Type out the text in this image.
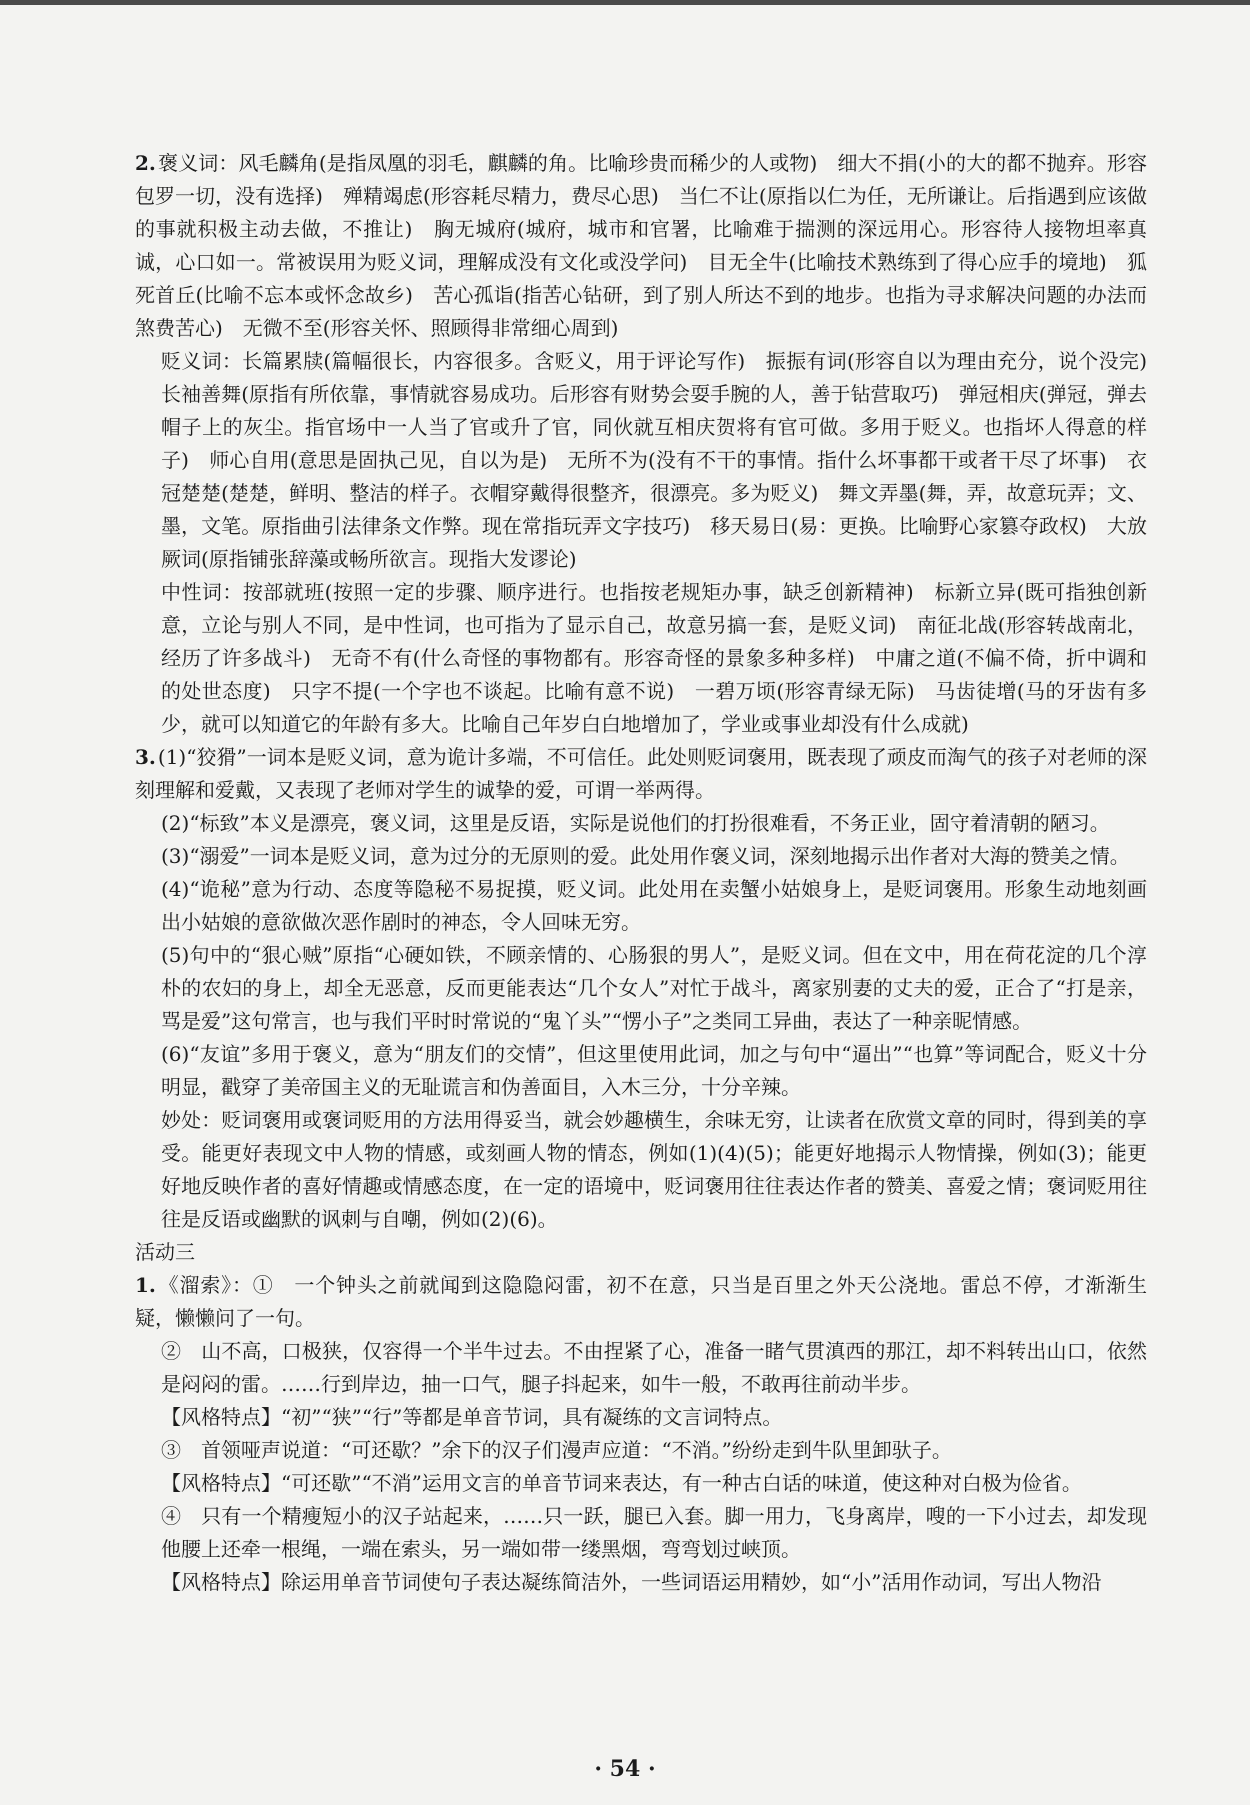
2. 褒义词：风毛麟角(是指凤凰的羽毛，麒麟的角。比喻珍贵而稀少的人或物)　细大不捐(小的大的都不抛弃。形容包罗一切，没有选择)　殚精竭虑(形容耗尽精力，费尽心思)　当仁不让(原指以仁为任，无所谦让。后指遇到应该做的事就积极主动去做，不推让)　胸无城府(城府，城市和官署，比喻难于揣测的深远用心。形容待人接物坦率真诚，心口如一。常被误用为贬义词，理解成没有文化或没学问)　目无全牛(比喻技术熟练到了得心应手的境地)　狐死首丘(比喻不忘本或怀念故乡)　苦心孤诣(指苦心钻研，到了别人所达不到的地步。也指为寻求解决问题的办法而煞费苦心)　无微不至(形容关怀、照顾得非常细心周到)

贬义词：长篇累牍(篇幅很长，内容很多。含贬义，用于评论写作)　振振有词(形容自以为理由充分，说个没完)　长袖善舞(原指有所依靠，事情就容易成功。后形容有财势会耍手腕的人，善于钻营取巧)　弹冠相庆(弹冠，弹去帽子上的灰尘。指官场中一人当了官或升了官，同伙就互相庆贺将有官可做。多用于贬义。也指坏人得意的样子)　师心自用(意思是固执己见，自以为是)　无所不为(没有不干的事情。指什么坏事都干或者干尽了坏事)　衣冠楚楚(楚楚，鲜明、整洁的样子。衣帽穿戴得很整齐，很漂亮。多为贬义)　舞文弄墨(舞，弄，故意玩弄；文、墨，文笔。原指曲引法律条文作弊。现在常指玩弄文字技巧)　移天易日(易：更换。比喻野心家篡夺政权)　大放厥词(原指铺张辞藻或畅所欲言。现指大发谬论)

中性词：按部就班(按照一定的步骤、顺序进行。也指按老规矩办事，缺乏创新精神)　标新立异(既可指独创新意，立论与别人不同，是中性词，也可指为了显示自己，故意另搞一套，是贬义词)　南征北战(形容转战南北，经历了许多战斗)　无奇不有(什么奇怪的事物都有。形容奇怪的景象多种多样)　中庸之道(不偏不倚，折中调和的处世态度)　只字不提(一个字也不谈起。比喻有意不说)　一碧万顷(形容青绿无际)　马齿徒增(马的牙齿有多少，就可以知道它的年龄有多大。比喻自己年岁白白地增加了，学业或事业却没有什么成就)

3. (1)“狡猾”一词本是贬义词，意为诡计多端，不可信任。此处则贬词褒用，既表现了顽皮而淘气的孩子对老师的深刻理解和爱戴，又表现了老师对学生的诚挚的爱，可谓一举两得。

(2)“标致”本义是漂亮，褒义词，这里是反语，实际是说他们的打扮很难看，不务正业，固守着清朝的陋习。

(3)“溺爱”一词本是贬义词，意为过分的无原则的爱。此处用作褒义词，深刻地揭示出作者对大海的赞美之情。

(4)“诡秘”意为行动、态度等隐秘不易捉摸，贬义词。此处用在卖蟹小姑娘身上，是贬词褒用。形象生动地刻画出小姑娘的意欲做次恶作剧时的神态，令人回味无穷。

(5)句中的“狠心贼”原指“心硬如铁，不顾亲情的、心肠狠的男人”，是贬义词。但在文中，用在荷花淀的几个淳朴的农妇的身上，却全无恶意，反而更能表达“几个女人”对忙于战斗，离家别妻的丈夫的爱，正合了“打是亲，骂是爱”这句常言，也与我们平时时常说的“鬼丫头”“愣小子”之类同工异曲，表达了一种亲昵情感。

(6)“友谊”多用于褒义，意为“朋友们的交情”，但这里使用此词，加之与句中“逼出”“也算”等词配合，贬义十分明显，戳穿了美帝国主义的无耻谎言和伪善面目，入木三分，十分辛辣。

妙处：贬词褒用或褒词贬用的方法用得妥当，就会妙趣横生，余味无穷，让读者在欣赏文章的同时，得到美的享受。能更好表现文中人物的情感，或刻画人物的情态，例如(1)(4)(5)；能更好地揭示人物情操，例如(3)；能更好地反映作者的喜好情趣或情感态度，在一定的语境中，贬词褒用往往表达作者的赞美、喜爱之情；褒词贬用往往是反语或幽默的讽刺与自嘲，例如(2)(6)。

活动三

1. 《溜索》：①　一个钟头之前就闻到这隐隐闷雷，初不在意，只当是百里之外天公浇地。雷总不停，才渐渐生疑，懒懒问了一句。

②　山不高，口极狭，仅容得一个半牛过去。不由捏紧了心，准备一睹气贯滇西的那江，却不料转出山口，依然是闷闷的雷。……行到岸边，抽一口气，腿子抖起来，如牛一般，不敢再往前动半步。

【风格特点】“初”“狭”“行”等都是单音节词，具有凝练的文言词特点。

③　首领哑声说道：“可还歇？”余下的汉子们漫声应道：“不消。”纷纷走到牛队里卸驮子。

【风格特点】“可还歇”“不消”运用文言的单音节词来表达，有一种古白话的味道，使这种对白极为俭省。

④　只有一个精瘦短小的汉子站起来，……只一跃，腿已入套。脚一用力，飞身离岸，嗖的一下小过去，却发现他腰上还牵一根绳，一端在索头，另一端如带一缕黑烟，弯弯划过峡顶。

【风格特点】除运用单音节词使句子表达凝练简洁外，一些词语运用精妙，如“小”活用作动词，写出人物沿

· 54 ·
